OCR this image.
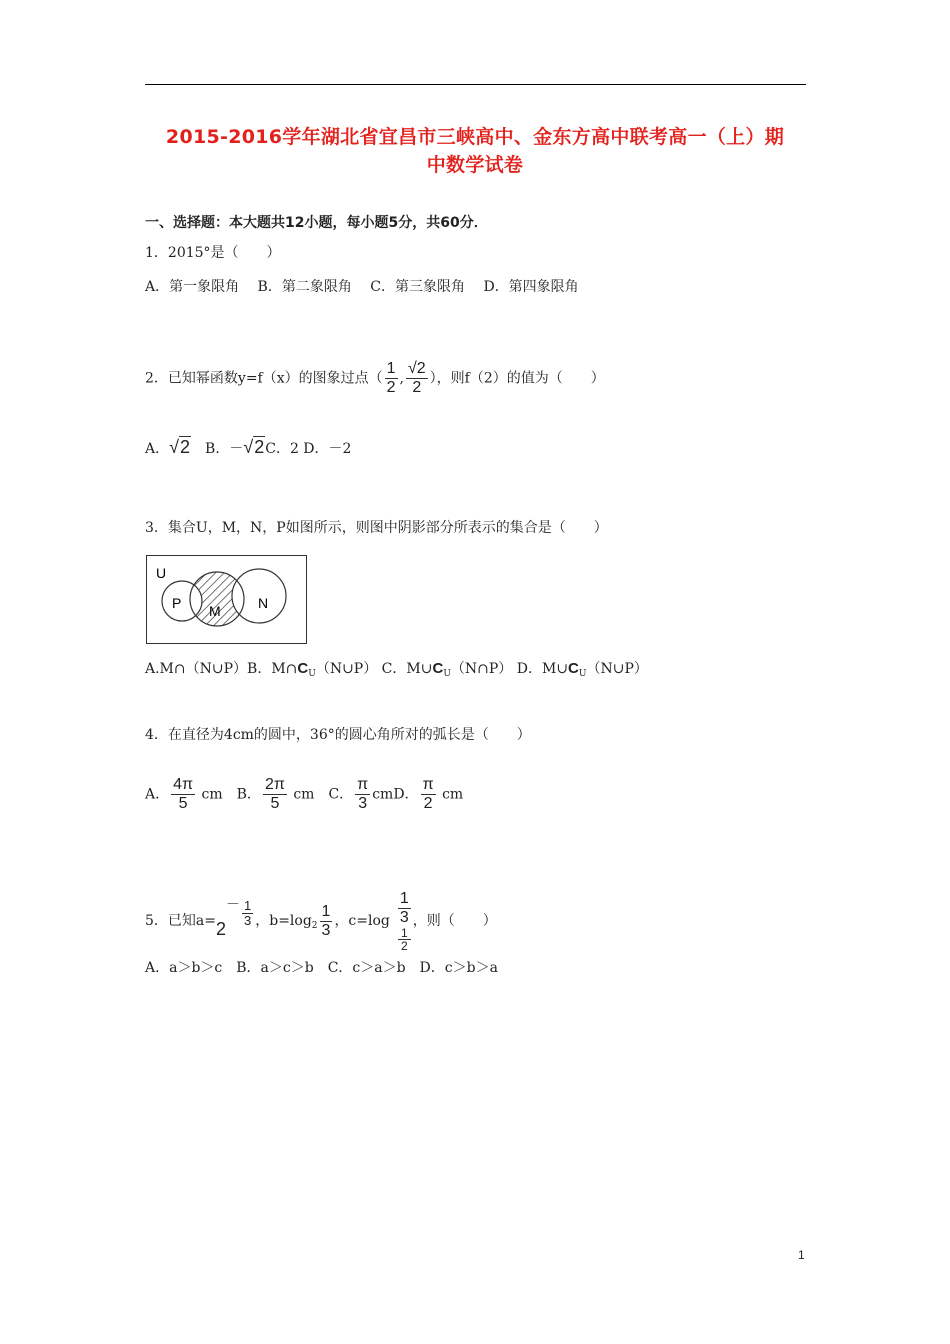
2015-2016学年湖北省宜昌市三峡高中、金东方高中联考高一（上）期
中数学试卷
一、选择题：本大题共12小题，每小题5分，共60分．
1．2015°是（　　）
A．第一象限角　 B．第二象限角　 C．第三象限角　 D．第四象限角
2．已知幂函数y=f（x）的图象过点（ $\frac{1}{2}$ , $\frac{√2}{2}$ ），则f（2）的值为（　　）
A．√2　B．－√2C．2 D．－2
3．集合U，M，N，P如图所示，则图中阴影部分所表示的集合是（　　）
U
P M	N
A.M∩（N∪P）B．$M\cap C_U(N\cup P)$ C．$M\cup C_U(N\cap P)$ D．$M\cup C_U(N\cup P)$
4．在直径为4cm的圆中，36°的圆心角所对的弧长是（　　）
A． $\frac{4\pi}{5}$ cm　B． $\frac{2\pi}{5}$ cm　C． $\frac{\pi}{3}$ cmD． $\frac{\pi}{2}$ cm
5．已知$a=2- \frac{1}{3}$ ，$b=\log_2 \frac{1}{3}$ ，c=log
1
3
1
2
，则（　　）
A．a＞b＞c　B．a＞c＞b　C．c＞a＞b　D．c＞b＞a
1
